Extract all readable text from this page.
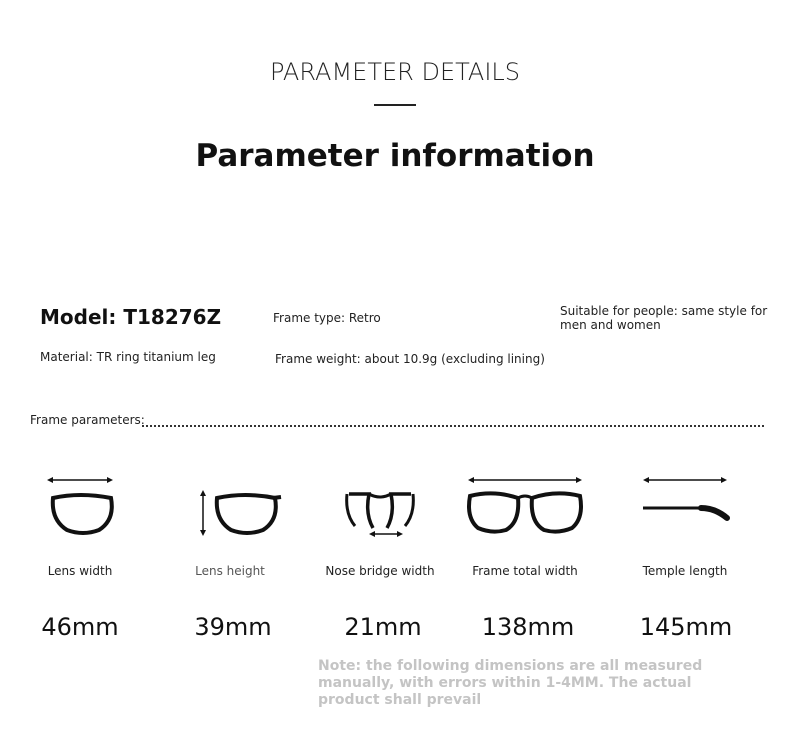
PARAMETER DETAILS
Parameter information
Model: T18276Z	Frame type: Retro	Suitable for people: same style for men and women
Material: TR ring titanium leg	Frame weight: about 10.9g (excluding lining)
Frame parameters:
Lens width
46mm
Lens height
39mm
Nose bridge width
21mm
Frame total width
138mm
Temple length
145mm
Note: the following dimensions are all measured manually, with errors within 1-4MM. The actual product shall prevail
